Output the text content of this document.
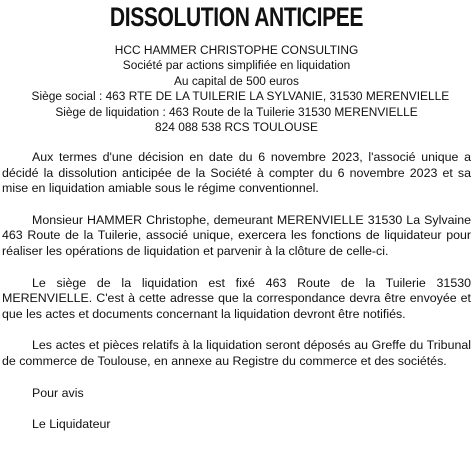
DISSOLUTION ANTICIPEE
HCC HAMMER CHRISTOPHE CONSULTING
Société par actions simplifiée en liquidation
Au capital de 500 euros
Siège social : 463 RTE DE LA TUILERIE LA SYLVANIE, 31530 MERENVIELLE
Siège de liquidation : 463 Route de la Tuilerie 31530 MERENVIELLE
824 088 538 RCS TOULOUSE

Aux termes d'une décision en date du 6 novembre 2023, l'associé unique a décidé la dissolution anticipée de la Société à compter du 6 novembre 2023 et sa mise en liquidation amiable sous le régime conventionnel.

Monsieur HAMMER Christophe, demeurant MERENVIELLE 31530 La Sylvaine 463 Route de la Tuilerie, associé unique, exercera les fonctions de liquidateur pour réaliser les opérations de liquidation et parvenir à la clôture de celle-ci.

Le siège de la liquidation est fixé 463 Route de la Tuilerie 31530 MERENVIELLE. C'est à cette adresse que la correspondance devra être envoyée et que les actes et documents concernant la liquidation devront être notifiés.

Les actes et pièces relatifs à la liquidation seront déposés au Greffe du Tribunal de commerce de Toulouse, en annexe au Registre du commerce et des sociétés.

Pour avis

Le Liquidateur
